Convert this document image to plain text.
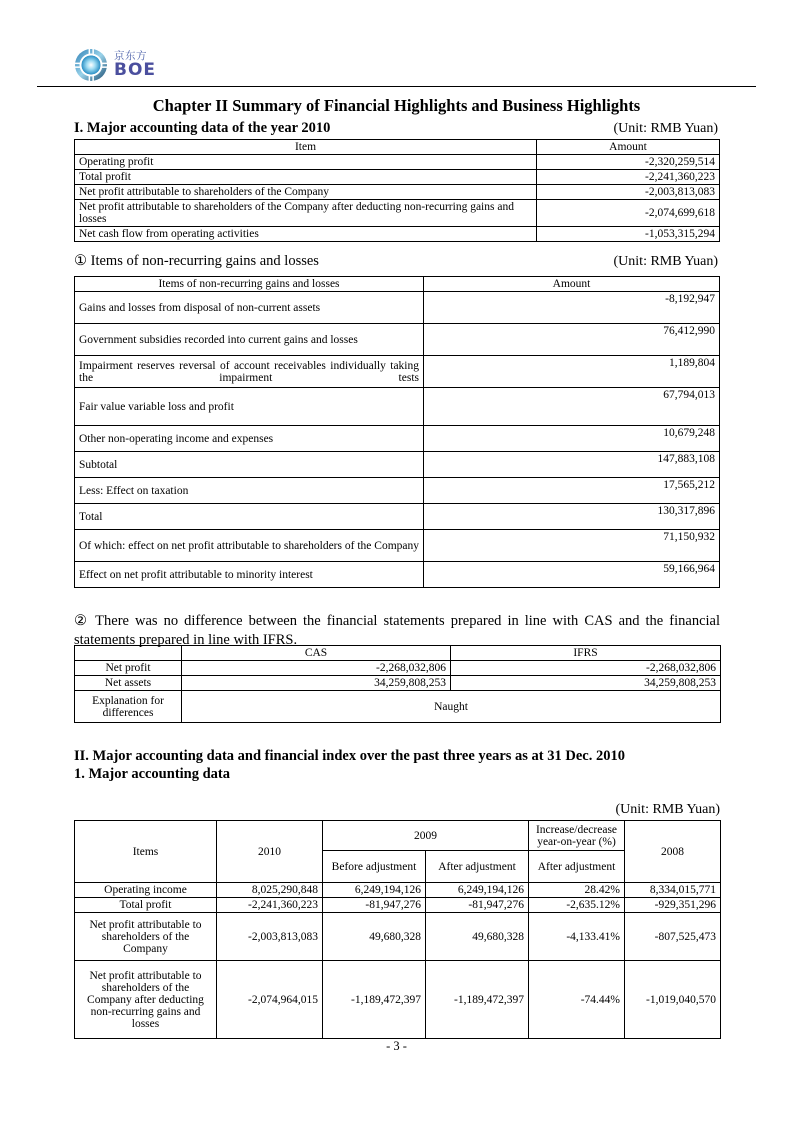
京东方
BOE
Chapter II Summary of Financial Highlights and Business Highlights
I. Major accounting data of the year 2010	(Unit: RMB Yuan)
Item	Amount
Operating profit	-2,320,259,514
Total profit	-2,241,360,223
Net profit attributable to shareholders of the Company	-2,003,813,083
Net profit attributable to shareholders of the Company after deducting non-recurring gains and losses	-2,074,699,618
Net cash flow from operating activities	-1,053,315,294
① Items of non-recurring gains and losses	(Unit: RMB Yuan)
Items of non-recurring gains and losses	Amount
Gains and losses from disposal of non-current assets	-8,192,947
Government subsidies recorded into current gains and losses	76,412,990
Impairment reserves reversal of account receivables individually taking the impairment tests	1,189,804
Fair value variable loss and profit	67,794,013
Other non-operating income and expenses	10,679,248
Subtotal	147,883,108
Less: Effect on taxation	17,565,212
Total	130,317,896
Of which: effect on net profit attributable to shareholders of the Company	71,150,932
Effect on net profit attributable to minority interest	59,166,964
② There was no difference between the financial statements prepared in line with CAS and the financial statements prepared in line with IFRS.
	CAS	IFRS
Net profit	-2,268,032,806	-2,268,032,806
Net assets	34,259,808,253	34,259,808,253
Explanation for differences	Naught	
II. Major accounting data and financial index over the past three years as at 31 Dec. 2010
1. Major accounting data
(Unit: RMB Yuan)
Items	2010	2009		Increase/decrease year-on-year (%)	2008
		Before adjustment	After adjustment	After adjustment	
Operating income	8,025,290,848	6,249,194,126	6,249,194,126	28.42%	8,334,015,771
Total profit	-2,241,360,223	-81,947,276	-81,947,276	-2,635.12%	-929,351,296
Net profit attributable to shareholders of the Company	-2,003,813,083	49,680,328	49,680,328	-4,133.41%	-807,525,473
Net profit attributable to shareholders of the Company after deducting non-recurring gains and losses	-2,074,964,015	-1,189,472,397	-1,189,472,397	-74.44%	-1,019,040,570
- 3 -
